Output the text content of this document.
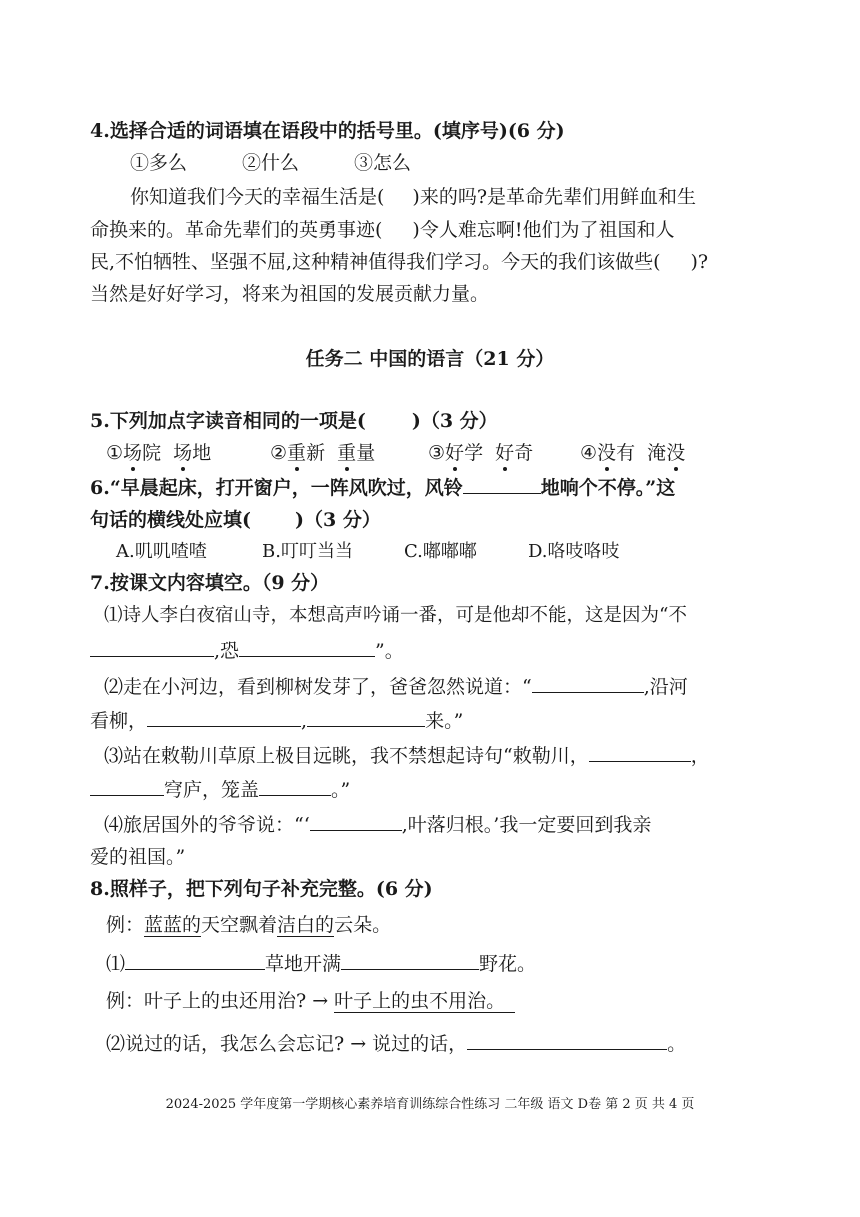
4.选择合适的词语填在语段中的括号里。(填序号)(6 分)
①多么	②什么	③怎么
你知道我们今天的幸福生活是( )来的吗?是革命先辈们用鲜血和生
命换来的。革命先辈们的英勇事迹( )令人难忘啊!他们为了祖国和人
民,不怕牺牲、坚强不屈,这种精神值得我们学习。今天的我们该做些( )?
当然是好好学习，将来为祖国的发展贡献力量。
任务二 中国的语言（21 分）
5.下列加点字读音相同的一项是( )（3 分）
①场院 场地	②重新 重量	③好学 好奇 ④没有 淹没
6.“早晨起床，打开窗户，一阵风吹过，风铃	地响个不停。”这
句话的横线处应填( )（3 分）
A.叽叽喳喳	B.叮叮当当	C.嘟嘟嘟	D.咯吱咯吱
7.按课文内容填空。（9 分）
⑴诗人李白夜宿山寺，本想高声吟诵一番，可是他却不能，这是因为“不
,恐	”。
⑵走在小河边，看到柳树发芽了，爸爸忽然说道：“	,沿河
看柳，	,	来。”
⑶站在敕勒川草原上极目远眺，我不禁想起诗句“敕勒川，	，
穹庐，笼盖	。”
⑷旅居国外的爷爷说：“‘	,叶落归根。’我一定要回到我亲
爱的祖国。”
8.照样子，把下列句子补充完整。(6 分)
例：蓝蓝的天空飘着洁白的云朵。
⑴	草地开满	野花。
例：叶子上的虫还用治? → 叶子上的虫不用治。
⑵说过的话，我怎么会忘记? → 说过的话，	。
2024-2025 学年度第一学期核心素养培育训练综合性练习 二年级 语文 D卷 第 2 页 共 4 页
